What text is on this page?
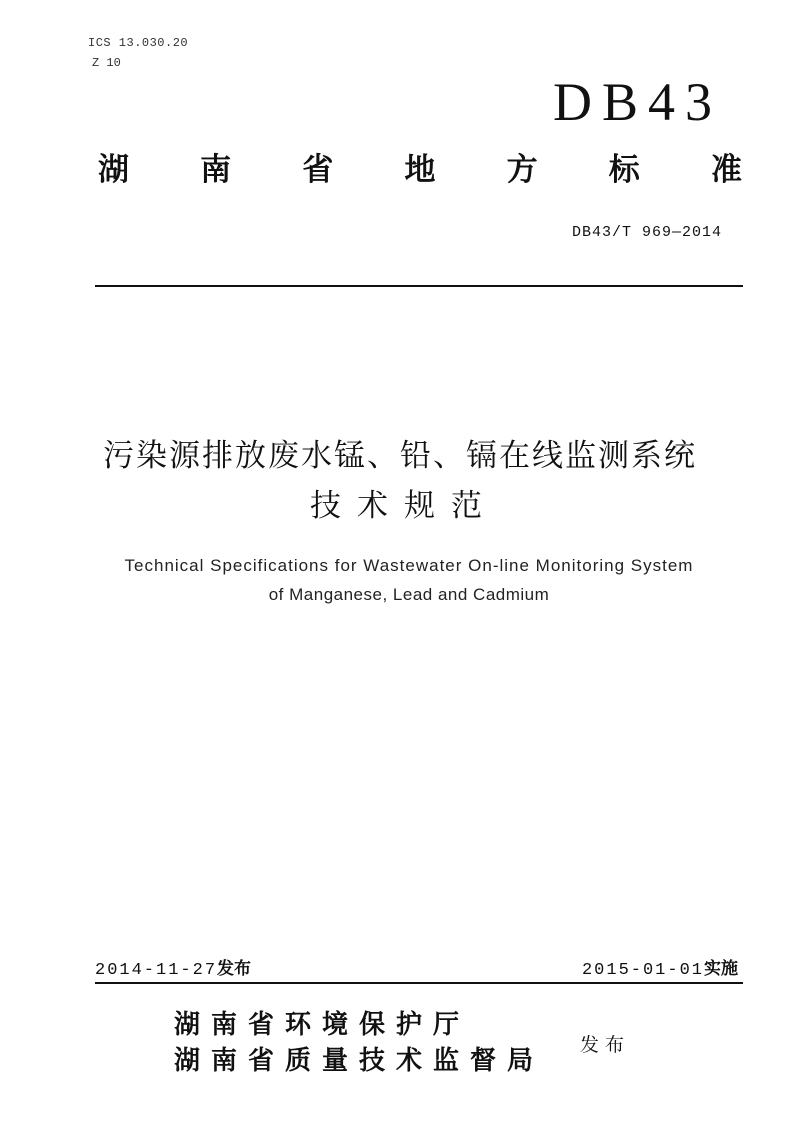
ICS 13.030.20
Z 10
DB43
湖 南 省 地 方 标 准
DB43/T 969—2014
污染源排放废水锰、铅、镉在线监测系统
技术规范
Technical Specifications for Wastewater On-line Monitoring System
of Manganese, Lead and Cadmium
2014-11-27发布	2015-01-01实施
湖南省环境保护厅
湖南省质量技术监督局
发布
